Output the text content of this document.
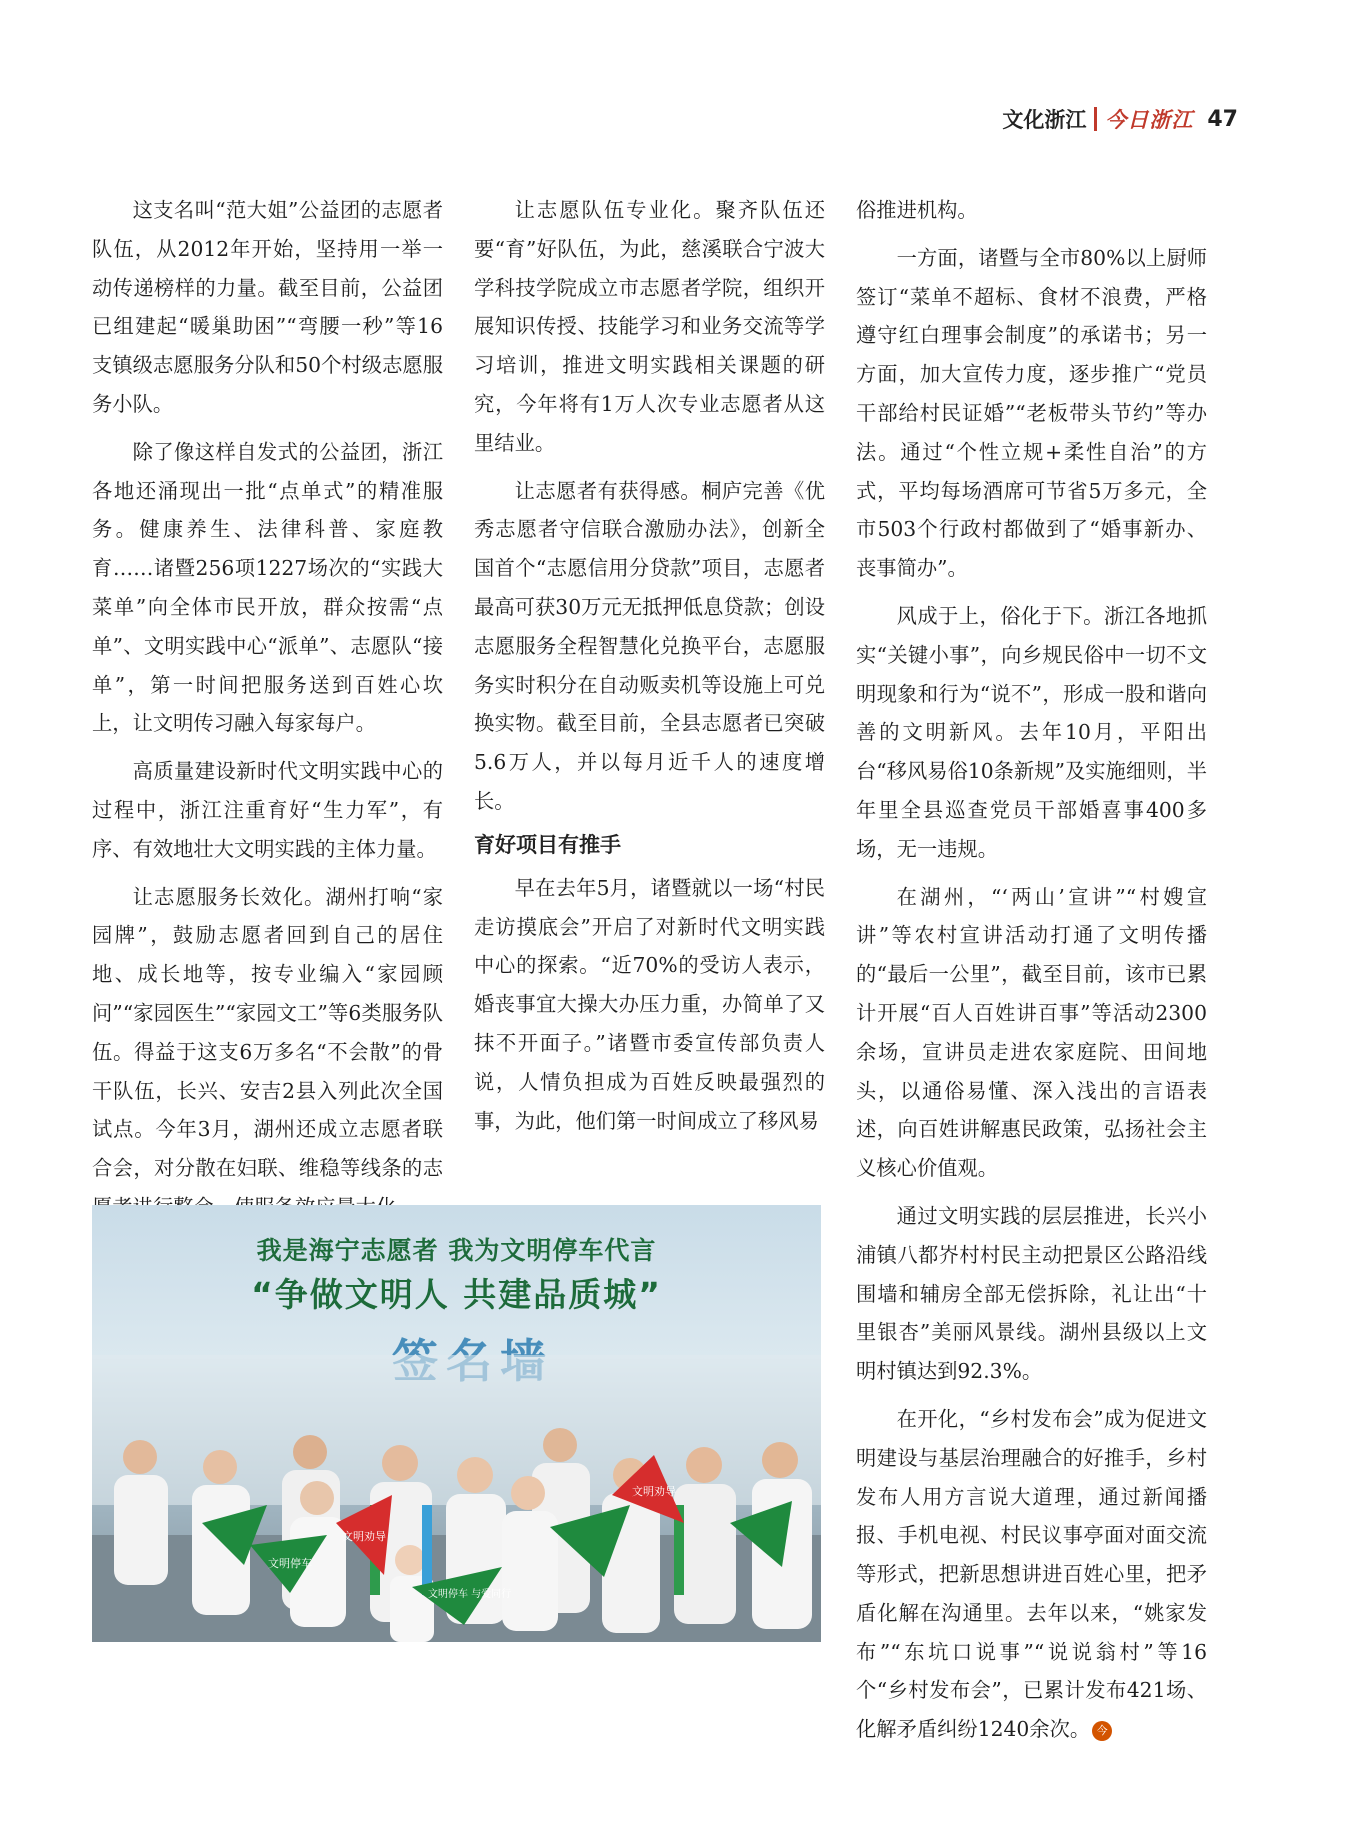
文化浙江 今日浙江 47

这支名叫“范大姐”公益团的志愿者队伍，从2012年开始，坚持用一举一动传递榜样的力量。截至目前，公益团已组建起“暖巢助困”“弯腰一秒”等16支镇级志愿服务分队和50个村级志愿服务小队。

除了像这样自发式的公益团，浙江各地还涌现出一批“点单式”的精准服务。健康养生、法律科普、家庭教育……诸暨256项1227场次的“实践大菜单”向全体市民开放，群众按需“点单”、文明实践中心“派单”、志愿队“接单”，第一时间把服务送到百姓心坎上，让文明传习融入每家每户。

高质量建设新时代文明实践中心的过程中，浙江注重育好“生力军”，有序、有效地壮大文明实践的主体力量。

让志愿服务长效化。湖州打响“家园牌”，鼓励志愿者回到自己的居住地、成长地等，按专业编入“家园顾问”“家园医生”“家园文工”等6类服务队伍。得益于这支6万多名“不会散”的骨干队伍，长兴、安吉2县入列此次全国试点。今年3月，湖州还成立志愿者联合会，对分散在妇联、维稳等线条的志

让志愿队伍专业化。聚齐队伍还要“育”好队伍，为此，慈溪联合宁波大学科技学院成立市志愿者学院，组织开展知识传授、技能学习和业务交流等学习培训，推进文明实践相关课题的研究，今年将有1万人次专业志愿者从这里结业。

让志愿者有获得感。桐庐完善《优秀志愿者守信联合激励办法》，创新全国首个“志愿信用分贷款”项目，志愿者最高可获30万元无抵押低息贷款；创设志愿服务全程智慧化兑换平台，志愿服务实时积分在自动贩卖机等设施上可兑换实物。截至目前，全县志愿者已突破5.6万人，并以每月近千人的速度增长。

育好项目有推手

早在去年5月，诸暨就以一场“村民走访摸底会”开启了对新时代文明实践中心的探索。“近70%的受访人表示，婚丧事宜大操大办压力重，办简单了又抹不开面子。”诸暨市委宣传部负责人说，人情负担成为百姓反映最强烈的事，为此，他们第一时间成立了移风易

俗推进机构。

一方面，诸暨与全市80%以上厨师签订“菜单不超标、食材不浪费，严格遵守红白理事会制度”的承诺书；另一方面，加大宣传力度，逐步推广“党员干部给村民证婚”“老板带头节约”等办法。通过“个性立规+柔性自治”的方式，平均每场酒席可节省5万多元，全市503个行政村都做到了“婚事新办、丧事简办”。

风成于上，俗化于下。浙江各地抓实“关键小事”，向乡规民俗中一切不文明现象和行为“说不”，形成一股和谐向善的文明新风。去年10月，平阳出台“移风易俗10条新规”及实施细则，半年里全县巡查党员干部婚喜事400多场，无一违规。

在湖州，“‘两山’宣讲”“村嫂宣讲”等农村宣讲活动打通了文明传播的“最后一公里”，截至目前，该市已累计开展“百人百姓讲百事”等活动2300余场，宣讲员走进农家庭院、田间地头，以通俗易懂、深入浅出的言语表述，向百姓讲解惠民政策，弘扬社会主义核心价值观。

通过文明实践的层层推进，长兴小浦镇八都岕村村民主动把景区公路沿线围墙和辅房全部无偿拆除，礼让出“十里银杏”美丽风景线。湖州县级以上文明村镇达到92.3%。

在开化，“乡村发布会”成为促进文明建设与基层治理融合的好推手，乡村发布人用方言说大道理，通过新闻播报、手机电视、村民议事亭面对面交流等形式，把新思想讲进百姓心里，把矛盾化解在沟通里。去年以来，“姚家发布”“东坑口说事”“说说翁村”等16个“乡村发布会”，已累计发布421场、化解矛盾纠纷1240余次。 今

我是海宁志愿者 我为文明停车代言
“争做文明人 共建品质城”
文明停车
文明劝导
文明停车 与爱同行
文明劝导
